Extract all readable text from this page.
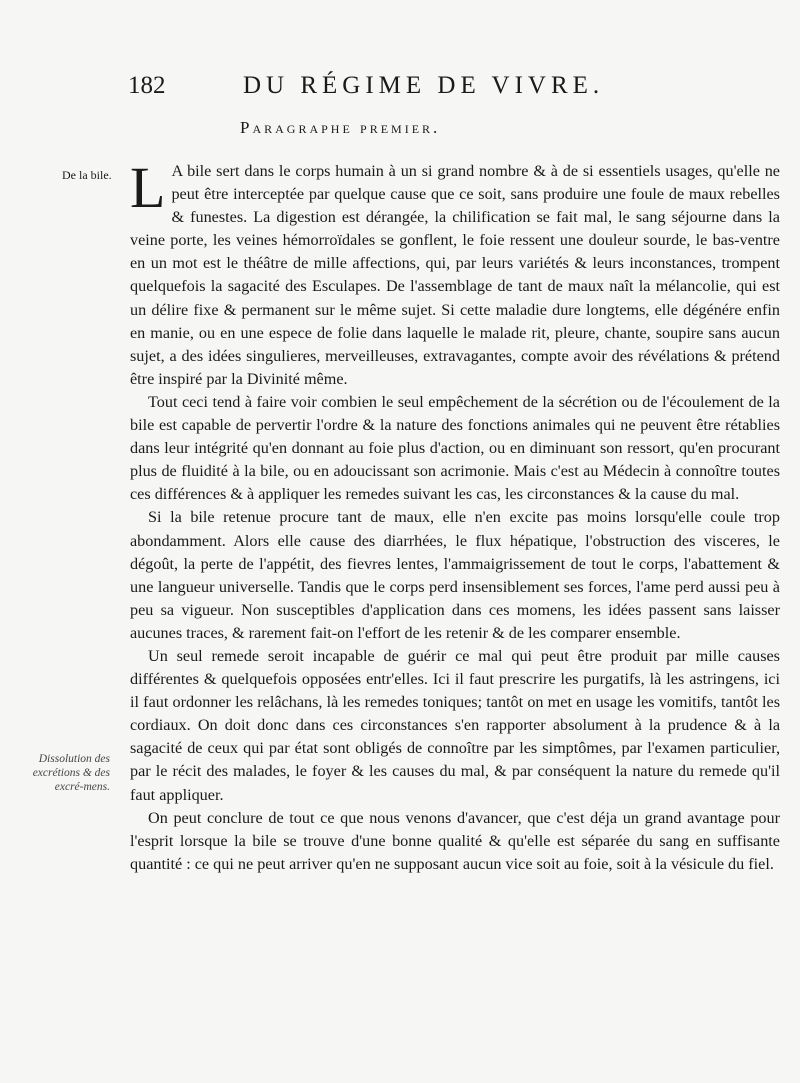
182	DU RÉGIME DE VIVRE.
Paragraphe premier.
De la bile.
Dissolution des excrétions & des excré-mens.

L A bile sert dans le corps humain à un si grand nombre & à de si essentiels usages, qu'elle ne peut être interceptée par quelque cause que ce soit, sans produire une foule de maux rebelles & funestes. La digestion est dérangée, la chilification se fait mal, le sang séjourne dans la veine porte, les veines hémorroïdales se gonflent, le foie ressent une douleur sourde, le bas-ventre en un mot est le théâtre de mille affections, qui, par leurs variétés & leurs inconstances, trompent quelquefois la sagacité des Esculapes. De l'assemblage de tant de maux naît la mélancolie, qui est un délire fixe & permanent sur le même sujet. Si cette maladie dure longtems, elle dégénére enfin en manie, ou en une espece de folie dans laquelle le malade rit, pleure, chante, soupire sans aucun sujet, a des idées singulieres, merveilleuses, extravagantes, compte avoir des révélations & prétend être inspiré par la Divinité même.

Tout ceci tend à faire voir combien le seul empêchement de la sécrétion ou de l'écoulement de la bile est capable de pervertir l'ordre & la nature des fonctions animales qui ne peuvent être rétablies dans leur intégrité qu'en donnant au foie plus d'action, ou en diminuant son ressort, qu'en procurant plus de fluidité à la bile, ou en adoucissant son acrimonie. Mais c'est au Médecin à connoître toutes ces différences & à appliquer les remedes suivant les cas, les circonstances & la cause du mal.

Si la bile retenue procure tant de maux, elle n'en excite pas moins lorsqu'elle coule trop abondamment. Alors elle cause des diarrhées, le flux hépatique, l'obstruction des visceres, le dégoût, la perte de l'appétit, des fievres lentes, l'ammaigrissement de tout le corps, l'abattement & une langueur universelle. Tandis que le corps perd insensiblement ses forces, l'ame perd aussi peu à peu sa vigueur. Non susceptibles d'application dans ces momens, les idées passent sans laisser aucunes traces, & rarement fait-on l'effort de les retenir & de les comparer ensemble.

Un seul remede seroit incapable de guérir ce mal qui peut être produit par mille causes différentes & quelquefois opposées entr'elles. Ici il faut prescrire les purgatifs, là les astringens, ici il faut ordonner les relâchans, là les remedes toniques; tantôt on met en usage les vomitifs, tantôt les cordiaux. On doit donc dans ces circonstances s'en rapporter absolument à la prudence & à la sagacité de ceux qui par état sont obligés de connoître par les simptômes, par l'examen particulier, par le récit des malades, le foyer & les causes du mal, & par conséquent la nature du remede qu'il faut appliquer.

On peut conclure de tout ce que nous venons d'avancer, que c'est déja un grand avantage pour l'esprit lorsque la bile se trouve d'une bonne qualité & qu'elle est séparée du sang en suffisante quantité : ce qui ne peut arriver qu'en ne supposant aucun vice soit au foie, soit à la vésicule du fiel.
